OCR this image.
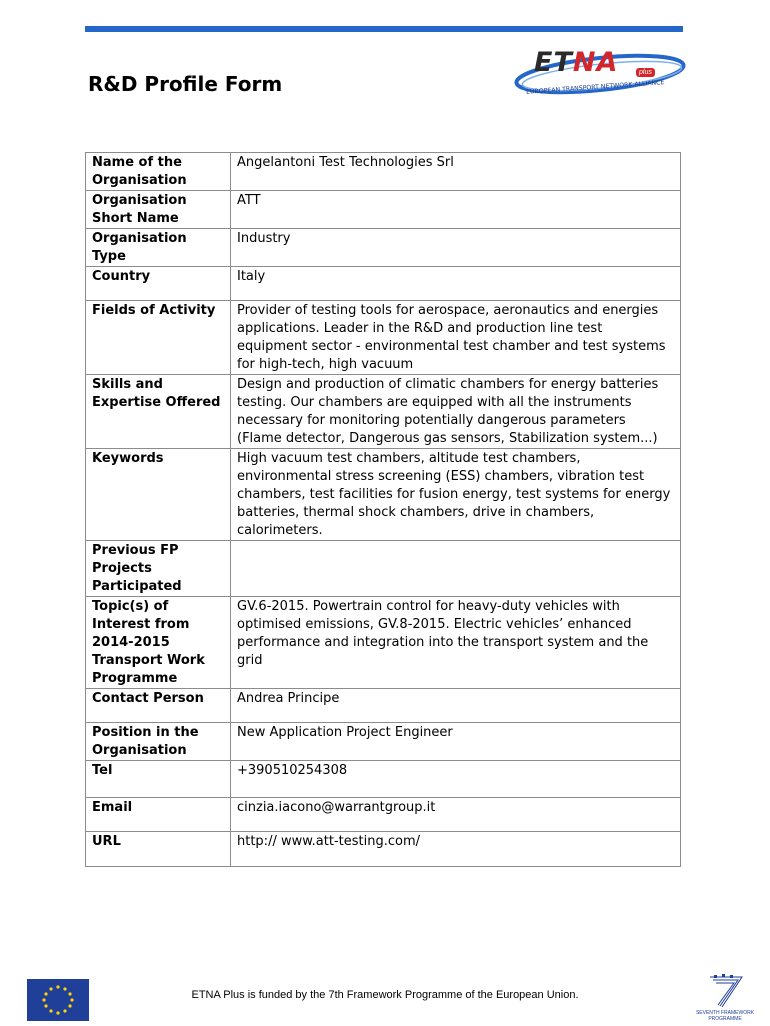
R&D Profile Form
ETNA	plus
EUROPEAN TRANSPORT NETWORK ALLIANCE
Name of the Organisation	Angelantoni Test Technologies Srl
Organisation Short Name	ATT
Organisation Type	Industry
Country	Italy
Fields of Activity	Provider of testing tools for aerospace, aeronautics and energies applications. Leader in the R&D and production line test equipment sector - environmental test chamber and test systems for high-tech, high vacuum
Skills and Expertise Offered	Design and production of climatic chambers for energy batteries testing. Our chambers are equipped with all the instruments necessary for monitoring potentially dangerous parameters (Flame detector, Dangerous gas sensors, Stabilization system...)
Keywords	High vacuum test chambers, altitude test chambers, environmental stress screening (ESS) chambers, vibration test chambers, test facilities for fusion energy, test systems for energy batteries, thermal shock chambers, drive in chambers, calorimeters.
Previous FP Projects Participated	
Topic(s) of Interest from 2014-2015 Transport Work Programme	GV.6-2015. Powertrain control for heavy-duty vehicles with optimised emissions, GV.8-2015. Electric vehicles’ enhanced performance and integration into the transport system and the grid
Contact Person	Andrea Principe
Position in the Organisation	New Application Project Engineer
Tel	+390510254308
Email	cinzia.iacono@warrantgroup.it
URL	http:// www.att-testing.com/
ETNA Plus is funded by the 7th Framework Programme of the European Union.
SEVENTH FRAMEWORK
PROGRAMME
